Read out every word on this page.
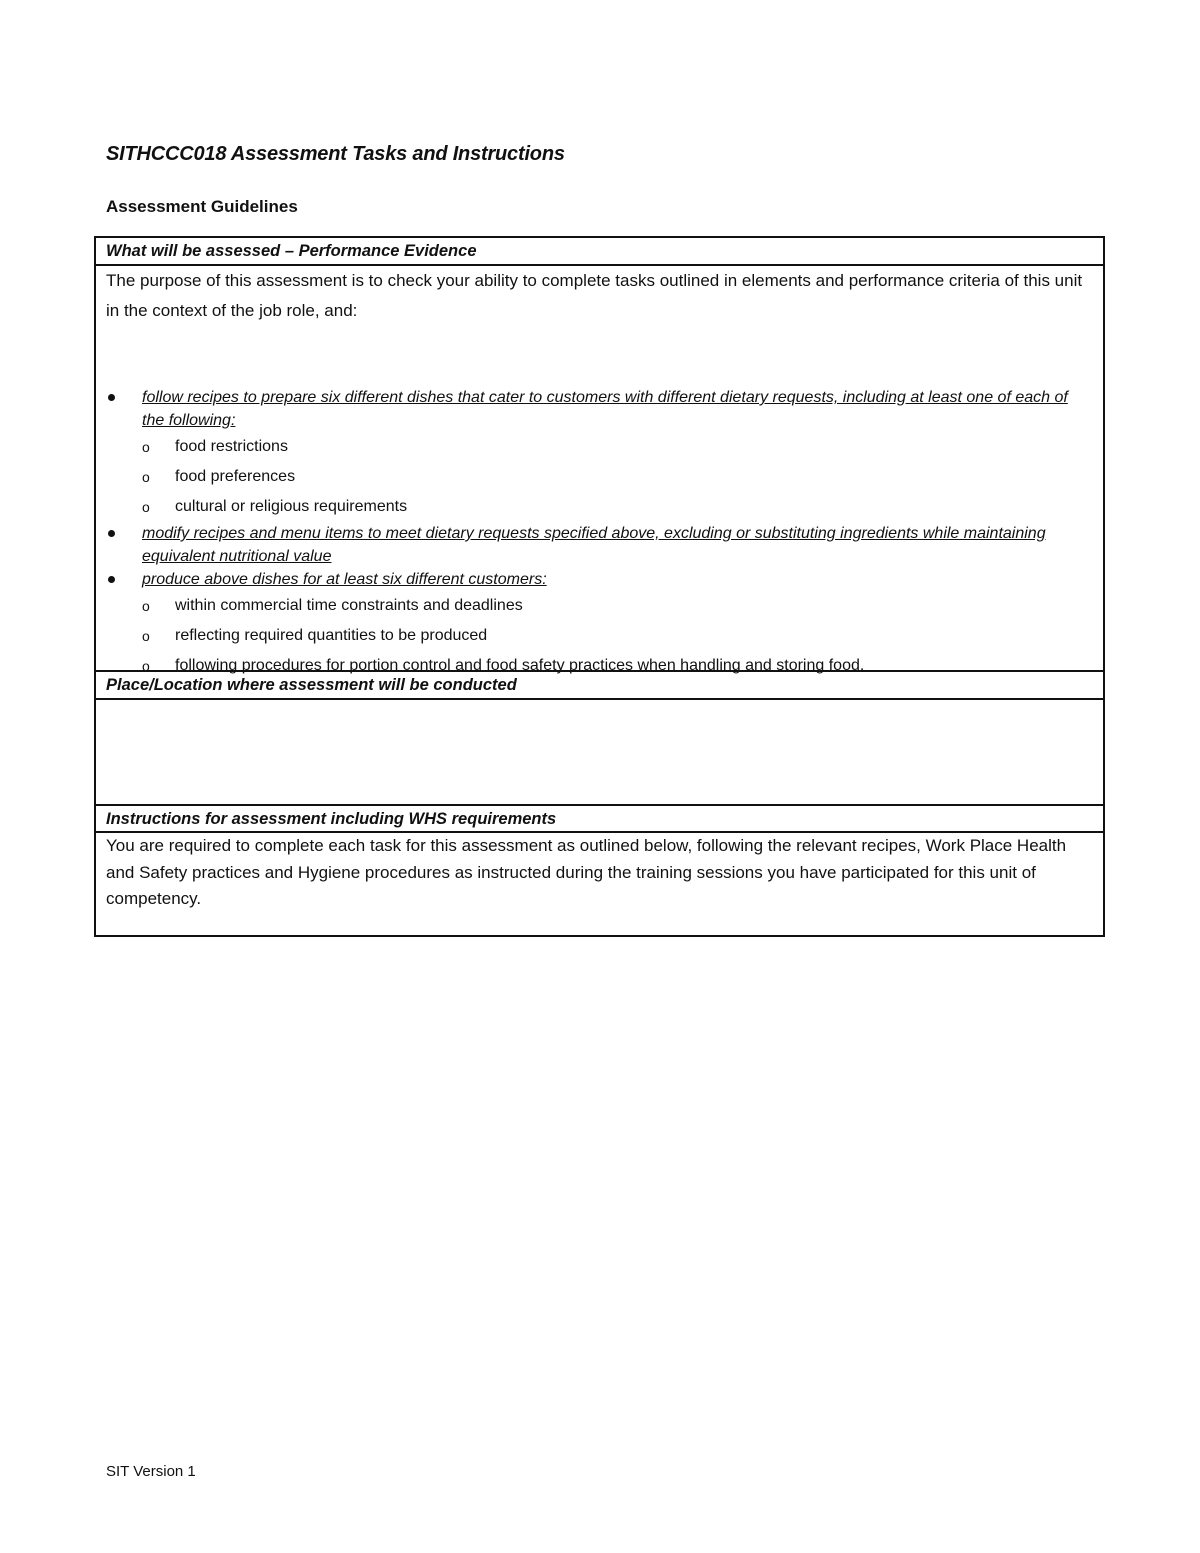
SITHCCC018 Assessment Tasks and Instructions
Assessment Guidelines
What will be assessed – Performance Evidence
The purpose of this assessment is to check your ability to complete tasks outlined in elements and performance criteria of this unit in the context of the job role, and:
follow recipes to prepare six different dishes that cater to customers with different dietary requests, including at least one of each of the following:
o food restrictions
o food preferences
o cultural or religious requirements
modify recipes and menu items to meet dietary requests specified above, excluding or substituting ingredients while maintaining equivalent nutritional value
produce above dishes for at least six different customers:
o within commercial time constraints and deadlines
o reflecting required quantities to be produced
o following procedures for portion control and food safety practices when handling and storing food.
Place/Location where assessment will be conducted
Instructions for assessment including WHS requirements
You are required to complete each task for this assessment as outlined below, following the relevant recipes, Work Place Health and Safety practices and Hygiene procedures as instructed during the training sessions you have participated for this unit of competency.
SIT Version 1
